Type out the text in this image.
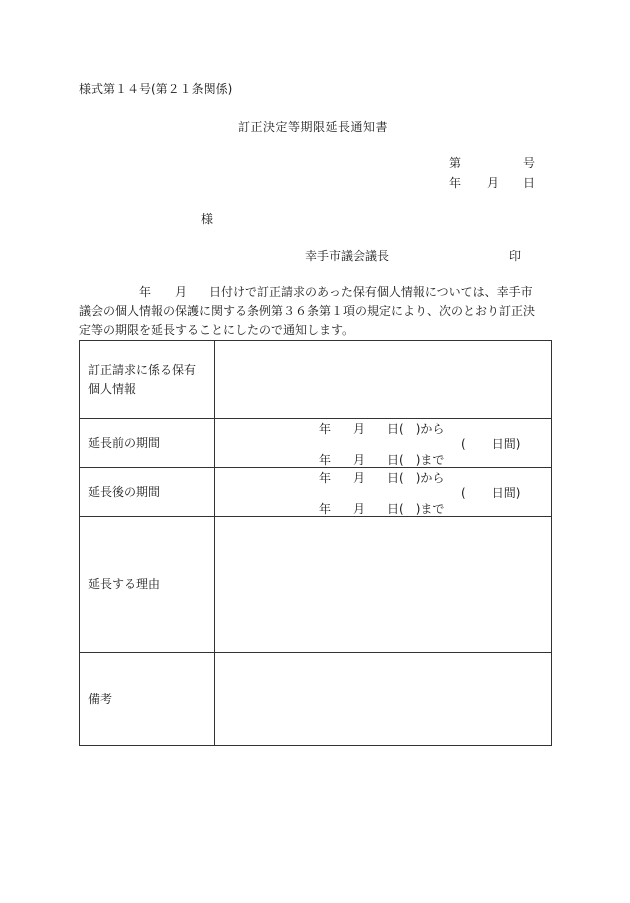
様式第１４号(第２１条関係)
訂正決定等期限延長通知書
第	号
年 月 日
様
幸手市議会議長	印
年 月 日付けで訂正請求のあった保有個人情報については、幸手市
議会の個人情報の保護に関する条例第３６条第１項の規定により、次のとおり訂正決
定等の期限を延長することにしたので通知します。
訂正請求に係る保有
個人情報	

延長前の期間	年 月 日(　)から
( 日間)
年 月 日(　)まで

延長後の期間	年 月 日(　)から
( 日間)
年 月 日(　)まで

延長する理由	
備考	
